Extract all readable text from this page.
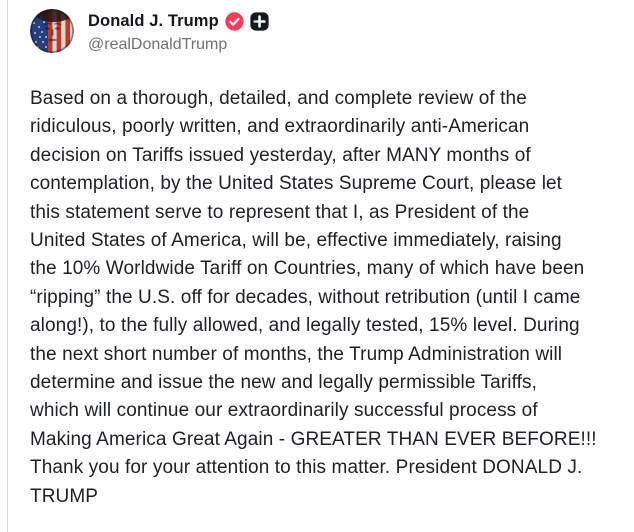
Donald J. Trump
@realDonaldTrump
Based on a thorough, detailed, and complete review of the
ridiculous, poorly written, and extraordinarily anti-American
decision on Tariffs issued yesterday, after MANY months of
contemplation, by the United States Supreme Court, please let
this statement serve to represent that I, as President of the
United States of America, will be, effective immediately, raising
the 10% Worldwide Tariff on Countries, many of which have been
“ripping” the U.S. off for decades, without retribution (until I came
along!), to the fully allowed, and legally tested, 15% level. During
the next short number of months, the Trump Administration will
determine and issue the new and legally permissible Tariffs,
which will continue our extraordinarily successful process of
Making America Great Again - GREATER THAN EVER BEFORE!!!
Thank you for your attention to this matter. President DONALD J.
TRUMP
